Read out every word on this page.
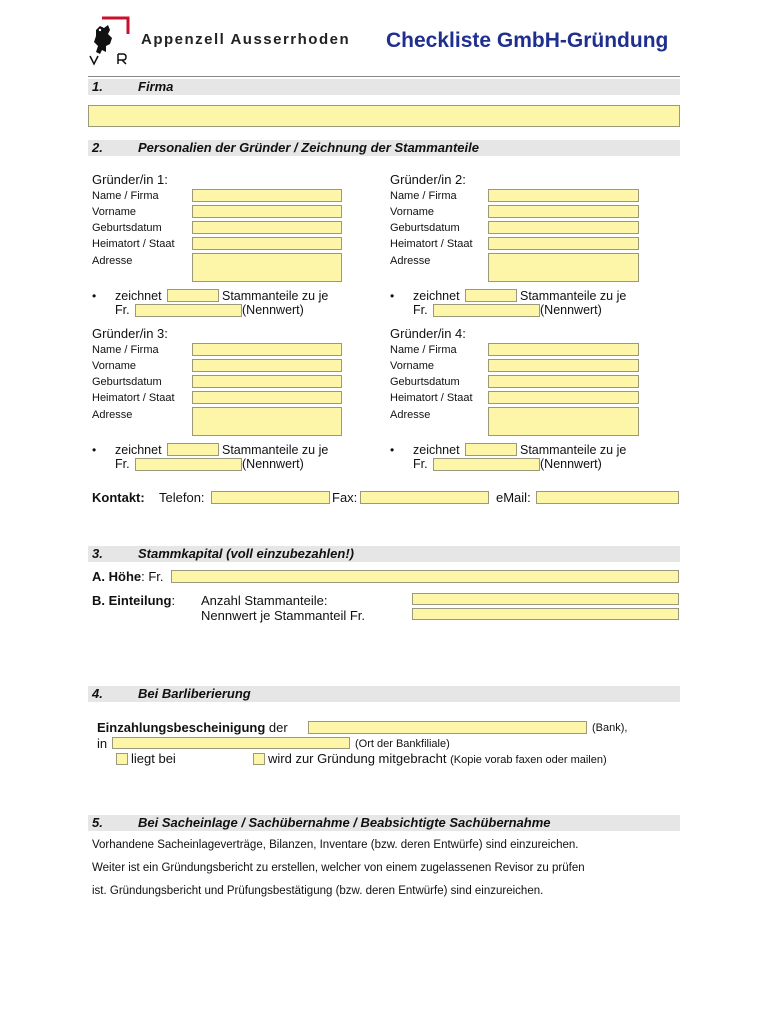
Appenzell Ausserrhoden Checkliste GmbH-Gründung
1.	Firma
2.	Personalien der Gründer / Zeichnung der Stammanteile
Gründer/in 1:
Name / Firma
Vorname
Geburtsdatum
Heimatort / Staat
Adresse
• zeichnet	Stammanteile zu je
Fr.	(Nennwert)
Gründer/in 2:
Name / Firma
Vorname
Geburtsdatum
Heimatort / Staat
Adresse
• zeichnet	Stammanteile zu je
Fr.	(Nennwert)
Gründer/in 3:
Name / Firma
Vorname
Geburtsdatum
Heimatort / Staat
Adresse
• zeichnet	Stammanteile zu je
Fr.	(Nennwert)
Gründer/in 4:
Name / Firma
Vorname
Geburtsdatum
Heimatort / Staat
Adresse
• zeichnet	Stammanteile zu je
Fr.	(Nennwert)
Kontakt: Telefon:	Fax:	eMail:
3.	Stammkapital (voll einzubezahlen!)
A. Höhe: Fr.
B. Einteilung: Anzahl Stammanteile:
Nennwert je Stammanteil Fr.
4.	Bei Barliberierung
Einzahlungsbescheinigung der	(Bank),
in	(Ort der Bankfiliale)
liegt bei	wird zur Gründung mitgebracht (Kopie vorab faxen oder mailen)
5.	Bei Sacheinlage / Sachübernahme / Beabsichtigte Sachübernahme
Vorhandene Sacheinlageverträge, Bilanzen, Inventare (bzw. deren Entwürfe) sind einzureichen.
Weiter ist ein Gründungsbericht zu erstellen, welcher von einem zugelassenen Revisor zu prüfen
ist. Gründungsbericht und Prüfungsbestätigung (bzw. deren Entwürfe) sind einzureichen.
